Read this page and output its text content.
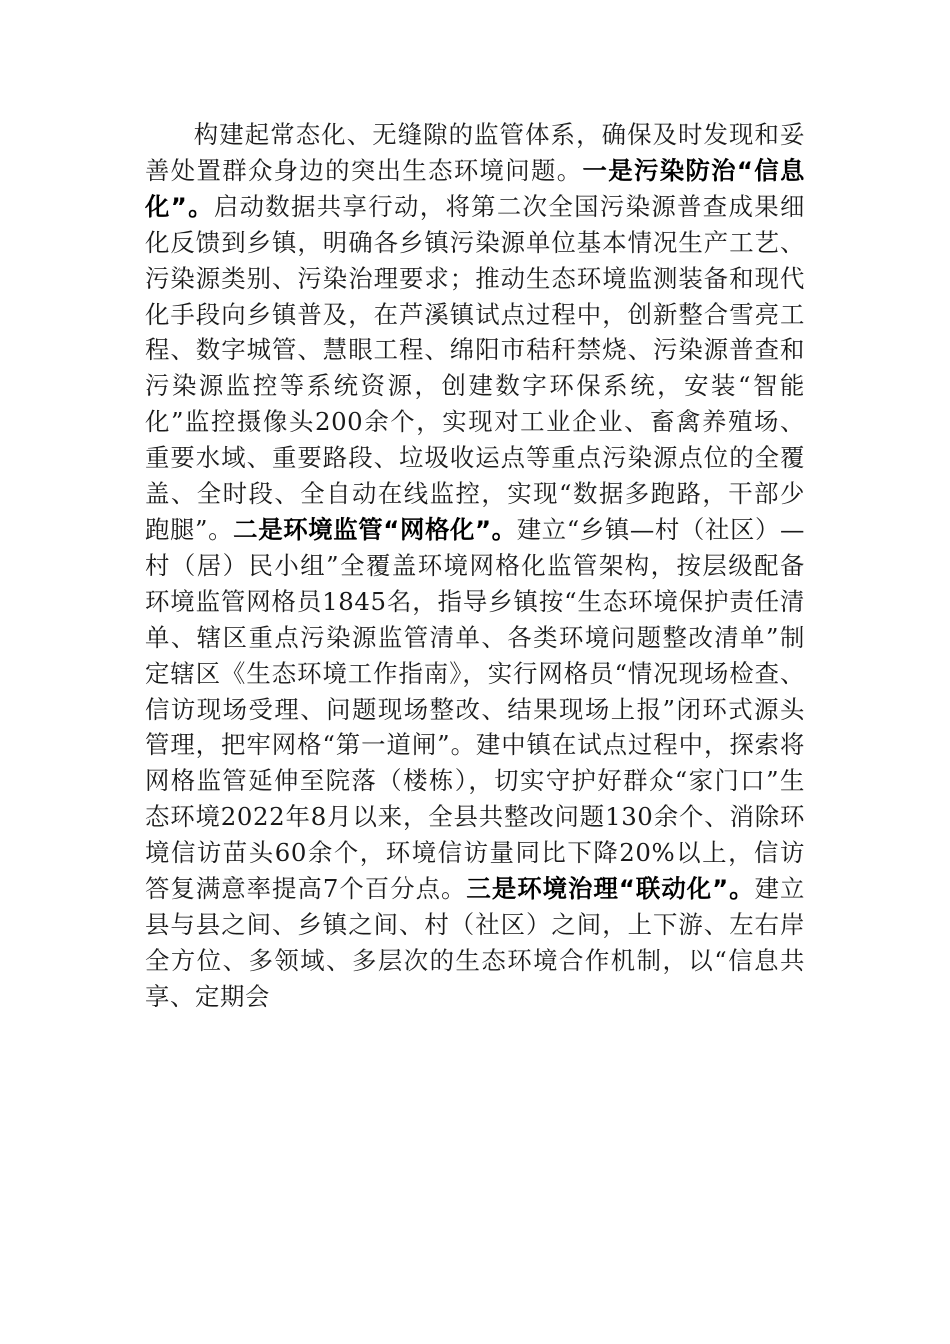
构建起常态化、无缝隙的监管体系，确保及时发现和妥善处置群众身边的突出生态环境问题。一是污染防治“信息化”。启动数据共享行动，将第二次全国污染源普查成果细化反馈到乡镇，明确各乡镇污染源单位基本情况生产工艺、污染源类别、污染治理要求；推动生态环境监测装备和现代化手段向乡镇普及，在芦溪镇试点过程中，创新整合雪亮工程、数字城管、慧眼工程、绵阳市秸秆禁烧、污染源普查和污染源监控等系统资源，创建数字环保系统，安装“智能化”监控摄像头200余个，实现对工业企业、畜禽养殖场、重要水域、重要路段、垃圾收运点等重点污染源点位的全覆盖、全时段、全自动在线监控，实现“数据多跑路，干部少跑腿”。二是环境监管“网格化”。建立“乡镇—村（社区）—村（居）民小组”全覆盖环境网格化监管架构，按层级配备环境监管网格员1845名，指导乡镇按“生态环境保护责任清单、辖区重点污染源监管清单、各类环境问题整改清单”制定辖区《生态环境工作指南》，实行网格员“情况现场检查、信访现场受理、问题现场整改、结果现场上报”闭环式源头管理，把牢网格“第一道闸”。建中镇在试点过程中，探索将网格监管延伸至院落（楼栋），切实守护好群众“家门口”生态环境2022年8月以来，全县共整改问题130余个、消除环境信访苗头60余个，环境信访量同比下降20%以上，信访答复满意率提高7个百分点。三是环境治理“联动化”。建立县与县之间、乡镇之间、村（社区）之间，上下游、左右岸全方位、多领域、多层次的生态环境合作机制，以“信息共享、定期会
